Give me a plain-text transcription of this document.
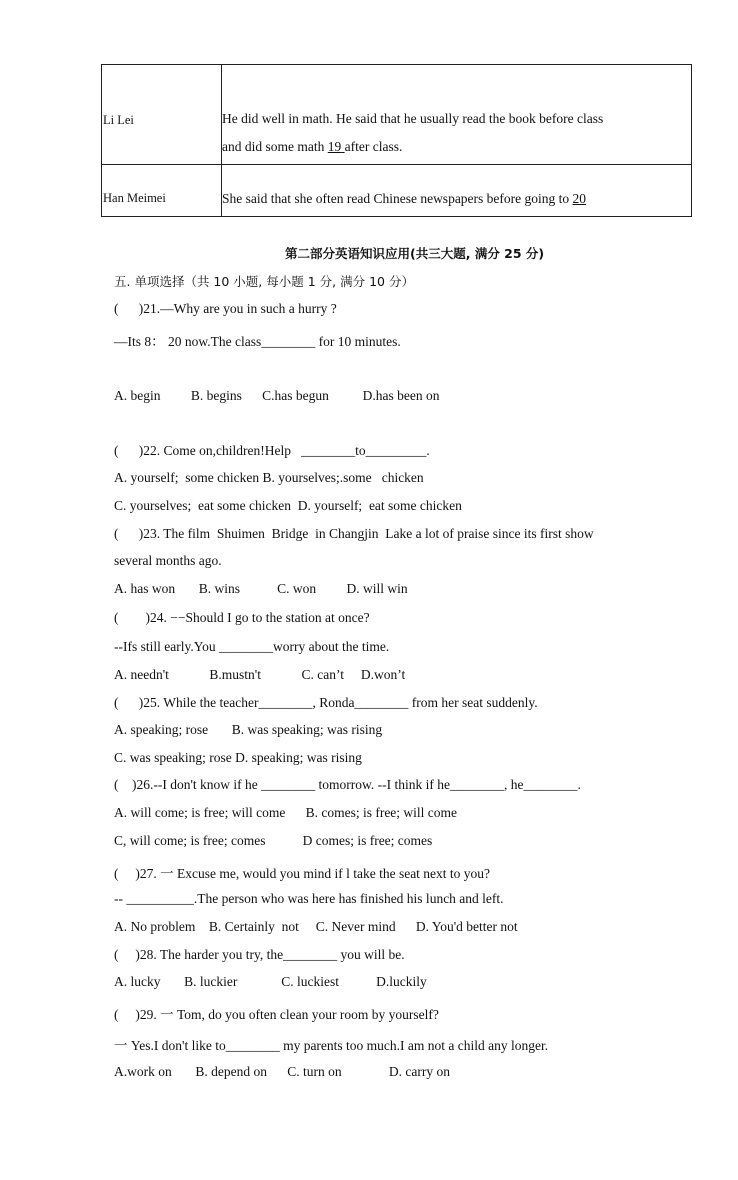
Li Lei	He did well in math. He said that he usually read the book before class
and did some math 19 after class.
Han Meimei	She said that she often read Chinese newspapers before going to 20
第二部分英语知识应用(共三大题, 满分 25 分)
五. 单项选择（共 10 小题, 每小题 1 分, 满分 10 分）
(      )21.—Why are you in such a hurry ?
—Its 8： 20 now.The class________ for 10 minutes.
A. begin         B. begins      C.has begun          D.has been on
(      )22. Come on,children!Help   ________to_________.
A. yourself;  some chicken B. yourselves;.some   chicken
C. yourselves;  eat some chicken  D. yourself;  eat some chicken
(      )23. The film  Shuimen  Bridge  in Changjin  Lake a lot of praise since its first show
several months ago.
A. has won       B. wins           C. won         D. will win
(        )24. −−Should I go to the station at once?
--Ifs still early.You ________worry about the time.
A. needn't            B.mustn't            C. can’t     D.won’t
(      )25. While the teacher________, Ronda________ from her seat suddenly.
A. speaking; rose       B. was speaking; was rising
C. was speaking; rose D. speaking; was rising
(    )26.--I don't know if he ________ tomorrow. --I think if he________, he________.
A. will come; is free; will come      B. comes; is free; will come
C, will come; is free; comes           D comes; is free; comes
(     )27. 一 Excuse me, would you mind if l take the seat next to you?
-- __________.The person who was here has finished his lunch and left.
A. No problem    B. Certainly  not     C. Never mind      D. You'd better not
(     )28. The harder you try, the________ you will be.
A. lucky       B. luckier             C. luckiest           D.luckily
(     )29. 一 Tom, do you often clean your room by yourself?
一 Yes.I don't like to________ my parents too much.I am not a child any longer.
A.work on       B. depend on      C. turn on              D. carry on
